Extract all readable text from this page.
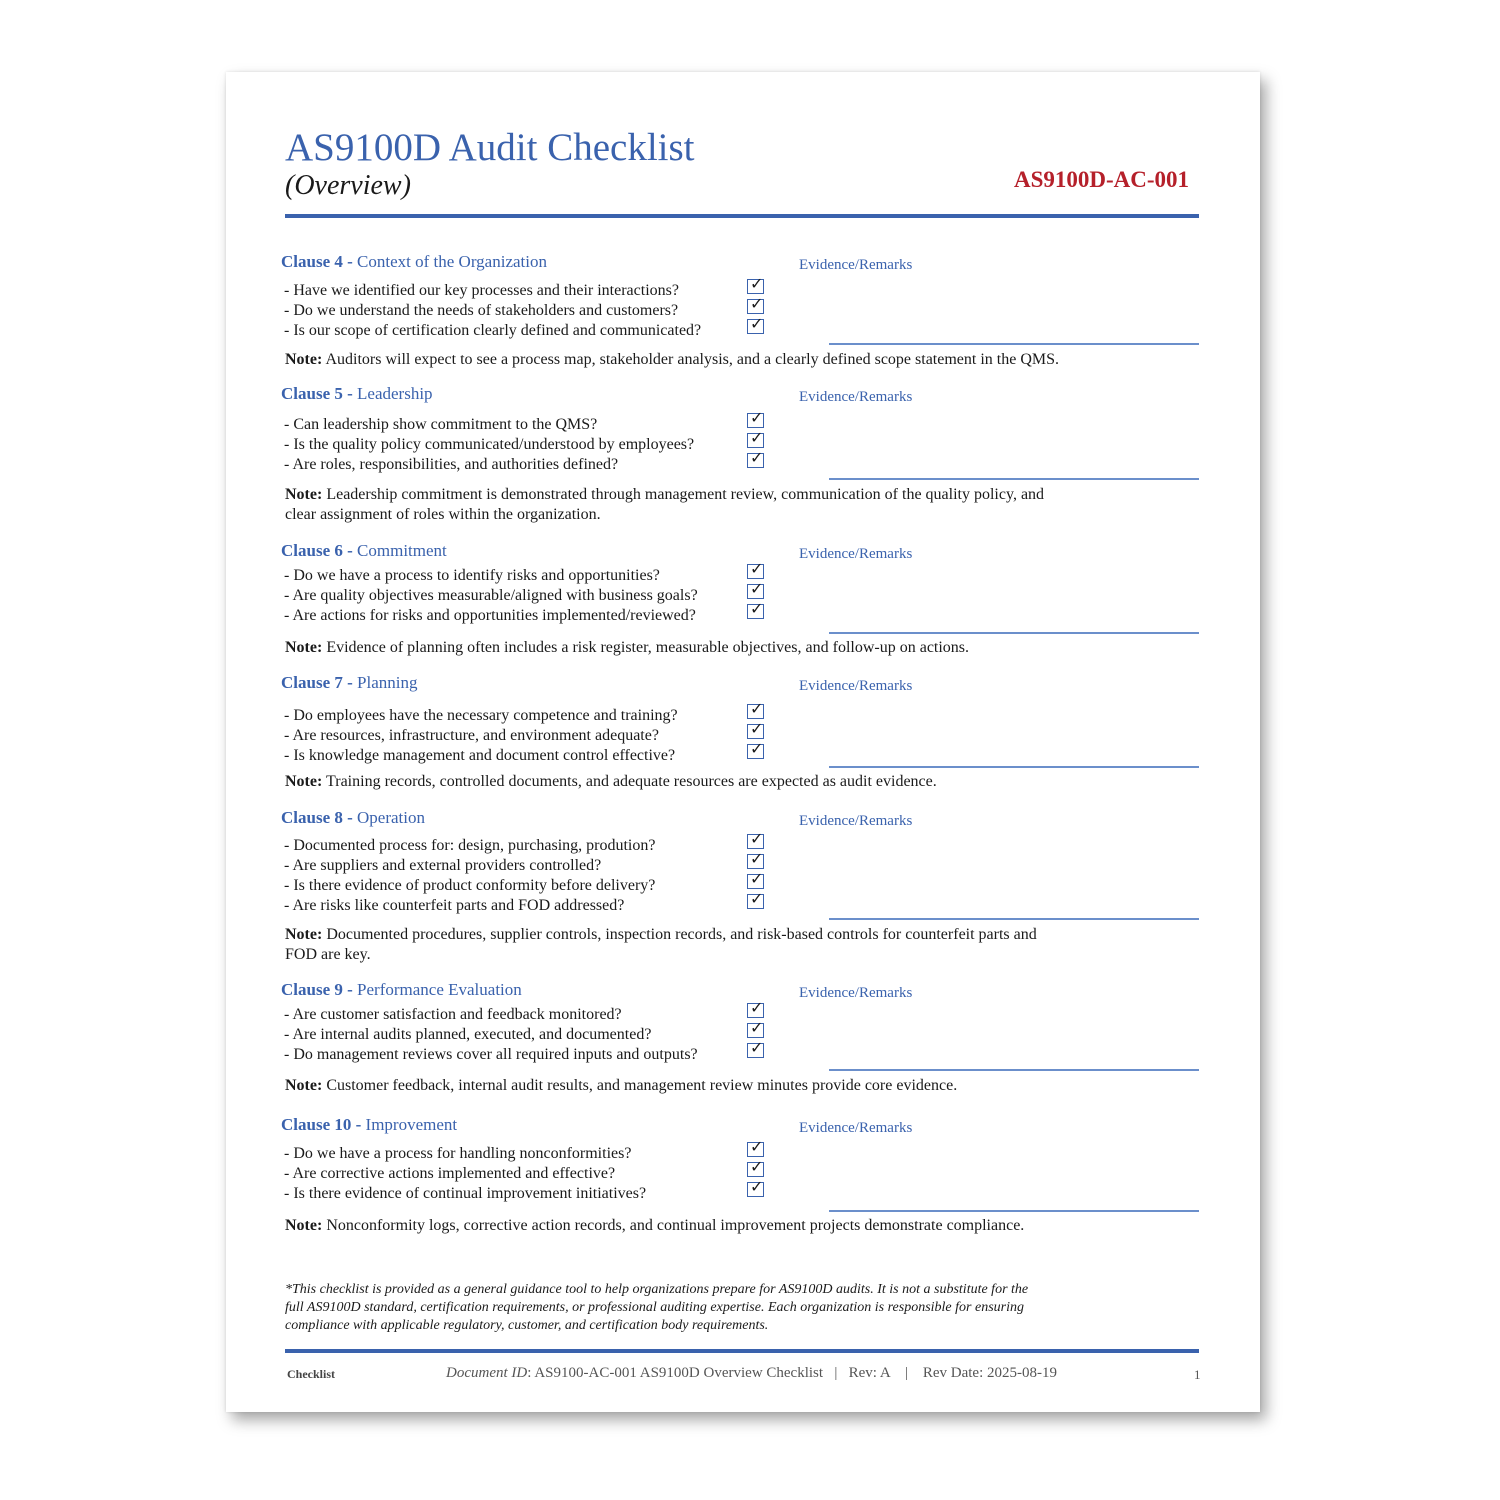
AS9100D Audit Checklist
(Overview)	AS9100D-AC-001
Clause 4 - Context of the Organization	Evidence/Remarks
- Have we identified our key processes and their interactions?	✓
- Do we understand the needs of stakeholders and customers?	✓
- Is our scope of certification clearly defined and communicated?	✓
Note: Auditors will expect to see a process map, stakeholder analysis, and a clearly defined scope statement in the QMS.
Clause 5 - Leadership	Evidence/Remarks
- Can leadership show commitment to the QMS?	✓
- Is the quality policy communicated/understood by employees?	✓
- Are roles, responsibilities, and authorities defined?	✓
Note: Leadership commitment is demonstrated through management review, communication of the quality policy, and
clear assignment of roles within the organization.
Clause 6 - Commitment	Evidence/Remarks
- Do we have a process to identify risks and opportunities?	✓
- Are quality objectives measurable/aligned with business goals?	✓
- Are actions for risks and opportunities implemented/reviewed?	✓
Note: Evidence of planning often includes a risk register, measurable objectives, and follow-up on actions.
Clause 7 - Planning	Evidence/Remarks
- Do employees have the necessary competence and training?	✓
- Are resources, infrastructure, and environment adequate?	✓
- Is knowledge management and document control effective?	✓
Note: Training records, controlled documents, and adequate resources are expected as audit evidence.
Clause 8 - Operation	Evidence/Remarks
- Documented process for: design, purchasing, prodution?	✓
- Are suppliers and external providers controlled?	✓
- Is there evidence of product conformity before delivery?	✓
- Are risks like counterfeit parts and FOD addressed?	✓
Note: Documented procedures, supplier controls, inspection records, and risk-based controls for counterfeit parts and
FOD are key.
Clause 9 - Performance Evaluation	Evidence/Remarks
- Are customer satisfaction and feedback monitored?	✓
- Are internal audits planned, executed, and documented?	✓
- Do management reviews cover all required inputs and outputs?	✓
Note: Customer feedback, internal audit results, and management review minutes provide core evidence.
Clause 10 - Improvement	Evidence/Remarks
- Do we have a process for handling nonconformities?	✓
- Are corrective actions implemented and effective?	✓
- Is there evidence of continual improvement initiatives?	✓
Note: Nonconformity logs, corrective action records, and continual improvement projects demonstrate compliance.
*This checklist is provided as a general guidance tool to help organizations prepare for AS9100D audits. It is not a substitute for the
full AS9100D standard, certification requirements, or professional auditing expertise. Each organization is responsible for ensuring
compliance with applicable regulatory, customer, and certification body requirements.
Checklist	Document ID: AS9100-AC-001 AS9100D Overview Checklist | Rev: A | Rev Date: 2025-08-19	1
